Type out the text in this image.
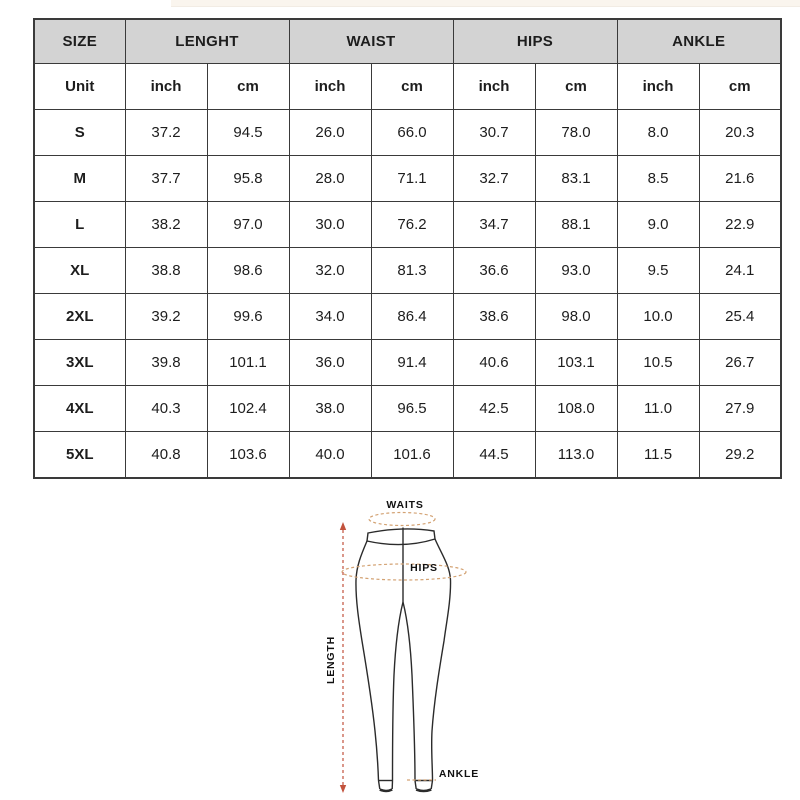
SIZE	LENGHT		WAIST		HIPS		ANKLE	
Unit	inch	cm	inch	cm	inch	cm	inch	cm
S	37.2	94.5	26.0	66.0	30.7	78.0	8.0	20.3
M	37.7	95.8	28.0	71.1	32.7	83.1	8.5	21.6
L	38.2	97.0	30.0	76.2	34.7	88.1	9.0	22.9
XL	38.8	98.6	32.0	81.3	36.6	93.0	9.5	24.1
2XL	39.2	99.6	34.0	86.4	38.6	98.0	10.0	25.4
3XL	39.8	101.1	36.0	91.4	40.6	103.1	10.5	26.7
4XL	40.3	102.4	38.0	96.5	42.5	108.0	11.0	27.9
5XL	40.8	103.6	40.0	101.6	44.5	113.0	11.5	29.2
WAITS
HIPS
LENGTH
ANKLE
